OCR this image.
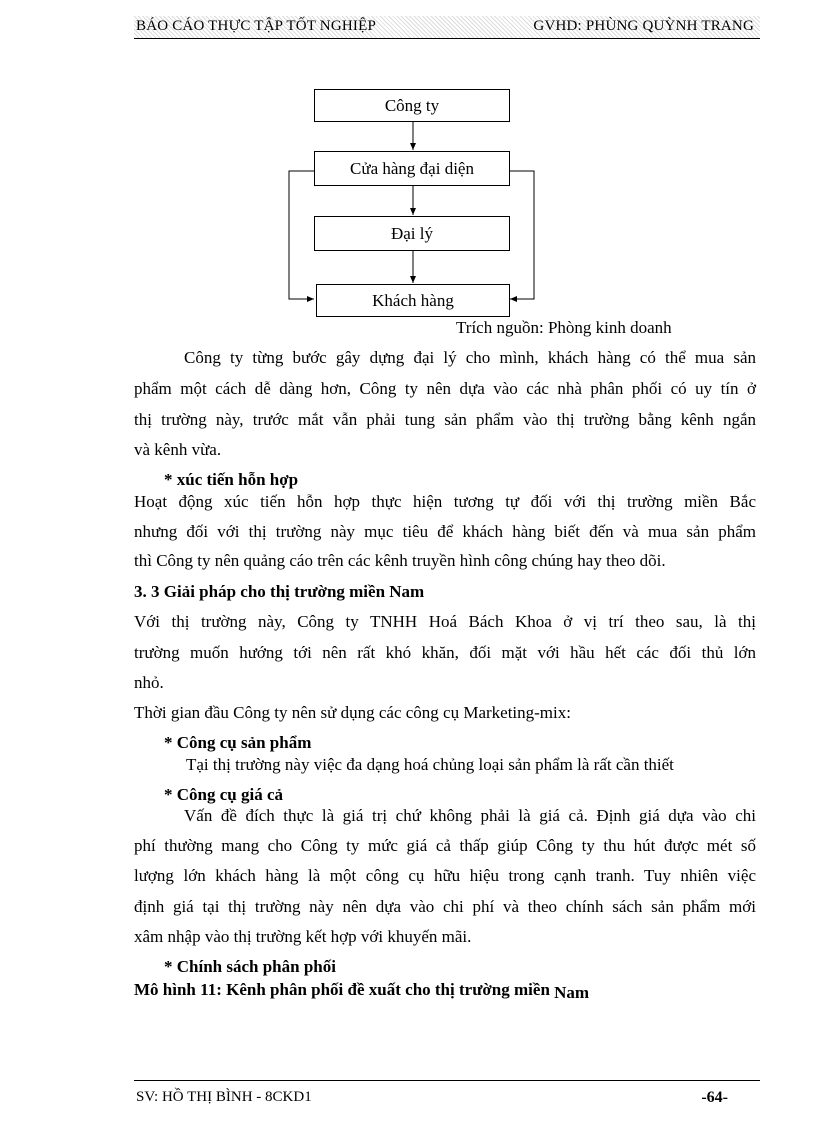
BÁO CÁO THỰC TẬP TỐT NGHIỆP	GVHD: PHÙNG QUỲNH TRANG
Công ty
Cửa hàng đại diện
Đại lý
Khách hàng
Trích nguồn: Phòng kinh doanh
Công ty từng bước gây dựng đại lý cho mình, khách hàng có thể mua sản
phẩm một cách dễ dàng hơn, Công ty nên dựa vào các nhà phân phối có uy tín ở
thị trường này, trước mắt vẫn phải tung sản phẩm vào thị trường bằng kênh ngắn
và kênh vừa.
* xúc tiến hỗn hợp
Hoạt động xúc tiến hỗn hợp thực hiện tương tự đối với thị trường miền Bắc
nhưng đối với thị trường này mục tiêu để khách hàng biết đến và mua sản phẩm
thì Công ty nên quảng cáo trên các kênh truyền hình công chúng hay theo dõi.
3. 3 Giải pháp cho thị trường miền Nam
Với thị trường này, Công ty TNHH Hoá Bách Khoa ở vị trí theo sau, là thị
trường muốn hướng tới nên rất khó khăn, đối mặt với hầu hết các đối thủ lớn
nhỏ.
Thời gian đầu Công ty nên sử dụng các công cụ Marketing-mix:
* Công cụ sản phẩm
Tại thị trường này việc đa dạng hoá chủng loại sản phẩm là rất cần thiết
* Công cụ giá cả
Vấn đề đích thực là giá trị chứ không phải là giá cả. Định giá dựa vào chi
phí thường mang cho Công ty mức giá cả thấp giúp Công ty thu hút được mét số
lượng lớn khách hàng là một công cụ hữu hiệu trong cạnh tranh. Tuy nhiên việc
định giá tại thị trường này nên dựa vào chi phí và theo chính sách sản phẩm mới
xâm nhập vào thị trường kết hợp với khuyến mãi.
* Chính sách phân phối
Mô hình 11: Kênh phân phối đề xuất cho thị trường miền Nam
SV: HỒ THỊ BÌNH - 8CKD1	-64-
